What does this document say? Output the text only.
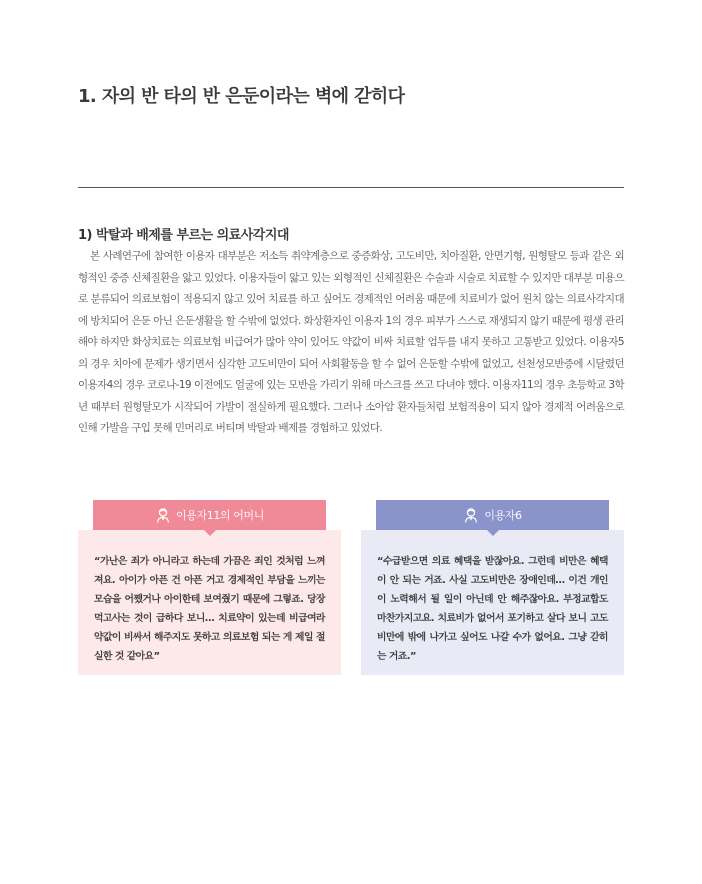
1. 자의 반 타의 반 은둔이라는 벽에 갇히다
1) 박탈과 배제를 부르는 의료사각지대

본 사례연구에 참여한 이용자 대부분은 저소득 취약계층으로 중증화상, 고도비만, 치아질환, 안면기형, 원형탈모 등과 같은 외형적인 중증 신체질환을 앓고 있었다. 이용자들이 앓고 있는 외형적인 신체질환은 수술과 시술로 치료할 수 있지만 대부분 미용으로 분류되어 의료보험이 적용되지 않고 있어 치료를 하고 싶어도 경제적인 어려움 때문에 치료비가 없어 원치 않는 의료사각지대에 방치되어 은둔 아닌 은둔생활을 할 수밖에 없었다. 화상환자인 이용자 1의 경우 피부가 스스로 재생되지 않기 때문에 평생 관리해야 하지만 화상치료는 의료보험 비급여가 많아 약이 있어도 약값이 비싸 치료할 엄두를 내지 못하고 고통받고 있었다. 이용자5의 경우 치아에 문제가 생기면서 심각한 고도비만이 되어 사회활동을 할 수 없어 은둔할 수밖에 없었고, 선천성모반증에 시달렸던 이용자4의 경우 코로나-19 이전에도 얼굴에 있는 모반을 가리기 위해 마스크를 쓰고 다녀야 했다. 이용자11의 경우 초등학교 3학년 때부터 원형탈모가 시작되어 가발이 절실하게 필요했다. 그러나 소아암 환자들처럼 보험적용이 되지 않아 경제적 어려움으로 인해 가발을 구입 못해 민머리로 버티며 박탈과 배제를 경험하고 있었다.

이용자11의 어머니

“가난은 죄가 아니라고 하는데 가끔은 죄인 것처럼 느껴져요. 아이가 아픈 건 아픈 거고 경제적인 부담을 느끼는 모습을 어쨌거나 아이한테 보여줬기 때문에 그렇죠. 당장 먹고사는 것이 급하다 보니… 치료약이 있는데 비급여라 약값이 비싸서 해주지도 못하고 의료보험 되는 게 제일 절실한 것 같아요”

이용자6

“수급받으면 의료 혜택을 받잖아요. 그런데 비만은 혜택이 안 되는 거죠. 사실 고도비만은 장애인데… 이건 개인이 노력해서 될 일이 아닌데 안 해주잖아요. 부정교합도 마찬가지고요. 치료비가 없어서 포기하고 살다 보니 고도비만에 밖에 나가고 싶어도 나갈 수가 없어요. 그냥 갇히는 거죠.”
